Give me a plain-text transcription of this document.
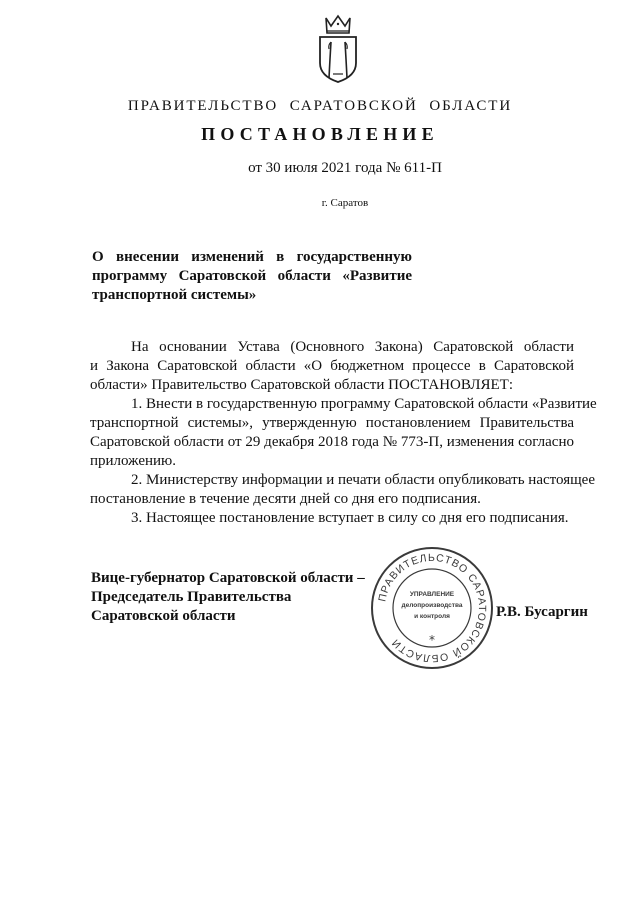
ПРАВИТЕЛЬСТВО САРАТОВСКОЙ ОБЛАСТИ
ПОСТАНОВЛЕНИЕ
от 30 июля 2021 года № 611-П
г. Саратов
О внесении изменений в государственную
программу Саратовской области «Развитие
транспортной системы»
На основании Устава (Основного Закона) Саратовской области
и Закона Саратовской области «О бюджетном процессе в Саратовской
области» Правительство Саратовской области ПОСТАНОВЛЯЕТ:
1. Внести в государственную программу Саратовской области «Развитие
транспортной системы», утвержденную постановлением Правительства
Саратовской области от 29 декабря 2018 года № 773-П, изменения согласно
приложению.
2. Министерству информации и печати области опубликовать настоящее
постановление в течение десяти дней со дня его подписания.
3. Настоящее постановление вступает в силу со дня его подписания.
Вице-губернатор Саратовской области –
Председатель Правительства
Саратовской области
ПРАВИТЕЛЬСТВО САРАТОВСКОЙ ОБЛАСТИ
УПРАВЛЕНИЕ
делопроизводства
и контроля
*
Р.В. Бусаргин
